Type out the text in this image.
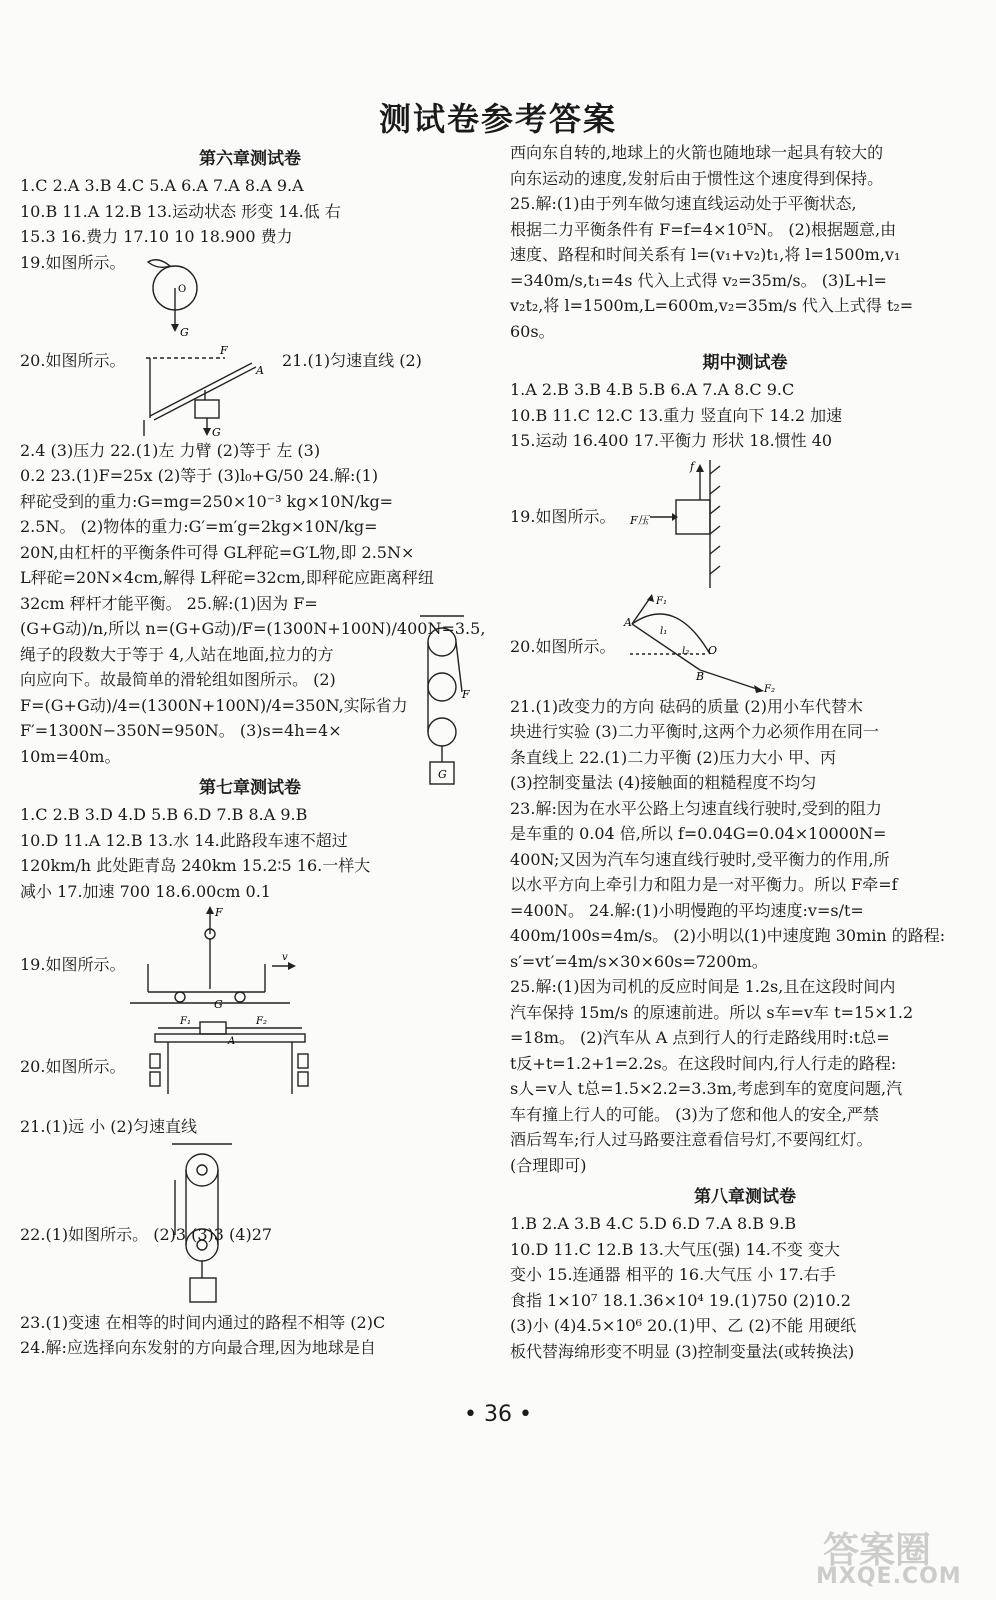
测试卷参考答案
第六章测试卷
1.C 2.A 3.B 4.C 5.A 6.A 7.A 8.A 9.A
10.B 11.A 12.B 13.运动状态 形变 14.低 右
15.3 16.费力 17.10 10 18.900 费力
19.如图所示。
G
O
20.如图所示。	21.(1)匀速直线 (2)
G
F
A
2.4 (3)压力 22.(1)左 力臂 (2)等于 左 (3)
0.2 23.(1)F=25x (2)等于 (3)l₀+G/50 24.解:(1)
秤砣受到的重力:G=mg=250×10⁻³ kg×10N/kg=
2.5N。 (2)物体的重力:G′=m′g=2kg×10N/kg=
20N,由杠杆的平衡条件可得 GL秤砣=G′L物,即 2.5N×
L秤砣=20N×4cm,解得 L秤砣=32cm,即秤砣应距离秤纽
32cm 秤杆才能平衡。 25.解:(1)因为 F=
(G+G动)/n,所以 n=(G+G动)/F=(1300N+100N)/400N=3.5,
绳子的段数大于等于 4,人站在地面,拉力的方
向应向下。故最简单的滑轮组如图所示。 (2)
F=(G+G动)/4=(1300N+100N)/4=350N,实际省力
F′=1300N−350N=950N。 (3)s=4h=4×
10m=40m。
第七章测试卷
1.C 2.B 3.D 4.D 5.B 6.D 7.B 8.A 9.B
10.D 11.A 12.B 13.水 14.此路段车速不超过
120km/h 此处距青岛 240km 15.2∶5 16.一样大
减小 17.加速 700 18.6.00cm 0.1
19.如图所示。
F
G
v
20.如图所示。
F₁	F₂
A
21.(1)远 小 (2)匀速直线
22.(1)如图所示。 (2)3 (3)3 (4)27
23.(1)变速 在相等的时间内通过的路程不相等 (2)C
24.解:应选择向东发射的方向最合理,因为地球是自
G
F
西向东自转的,地球上的火箭也随地球一起具有较大的
向东运动的速度,发射后由于惯性这个速度得到保持。
25.解:(1)由于列车做匀速直线运动处于平衡状态,
根据二力平衡条件有 F=f=4×10⁵N。 (2)根据题意,由
速度、路程和时间关系有 l=(v₁+v₂)t₁,将 l=1500m,v₁
=340m/s,t₁=4s 代入上式得 v₂=35m/s。 (3)L+l=
v₂t₂,将 l=1500m,L=600m,v₂=35m/s 代入上式得 t₂=
60s。
期中测试卷
1.A 2.B 3.B 4.B 5.B 6.A 7.A 8.C 9.C
10.B 11.C 12.C 13.重力 竖直向下 14.2 加速
15.运动 16.400 17.平衡力 形状 18.惯性 40
19.如图所示。
f
F压
20.如图所示。
F₁
F₂
A
O
B
l₁
l₂
21.(1)改变力的方向 砝码的质量 (2)用小车代替木
块进行实验 (3)二力平衡时,这两个力必须作用在同一
条直线上 22.(1)二力平衡 (2)压力大小 甲、丙
(3)控制变量法 (4)接触面的粗糙程度不均匀
23.解:因为在水平公路上匀速直线行驶时,受到的阻力
是车重的 0.04 倍,所以 f=0.04G=0.04×10000N=
400N;又因为汽车匀速直线行驶时,受平衡力的作用,所
以水平方向上牵引力和阻力是一对平衡力。所以 F牵=f
=400N。 24.解:(1)小明慢跑的平均速度:v=s/t=
400m/100s=4m/s。 (2)小明以(1)中速度跑 30min 的路程:
s′=vt′=4m/s×30×60s=7200m。
25.解:(1)因为司机的反应时间是 1.2s,且在这段时间内
汽车保持 15m/s 的原速前进。所以 s车=v车 t=15×1.2
=18m。 (2)汽车从 A 点到行人的行走路线用时:t总=
t反+t=1.2+1=2.2s。在这段时间内,行人行走的路程:
s人=v人 t总=1.5×2.2=3.3m,考虑到车的宽度问题,汽
车有撞上行人的可能。 (3)为了您和他人的安全,严禁
酒后驾车;行人过马路要注意看信号灯,不要闯红灯。
(合理即可)
第八章测试卷
1.B 2.A 3.B 4.C 5.D 6.D 7.A 8.B 9.B
10.D 11.C 12.B 13.大气压(强) 14.不变 变大
变小 15.连通器 相平的 16.大气压 小 17.右手
食指 1×10⁷ 18.1.36×10⁴ 19.(1)750 (2)10.2
(3)小 (4)4.5×10⁶ 20.(1)甲、乙 (2)不能 用硬纸
板代替海绵形变不明显 (3)控制变量法(或转换法)
• 36 •
答案圈
MXQE.COM
